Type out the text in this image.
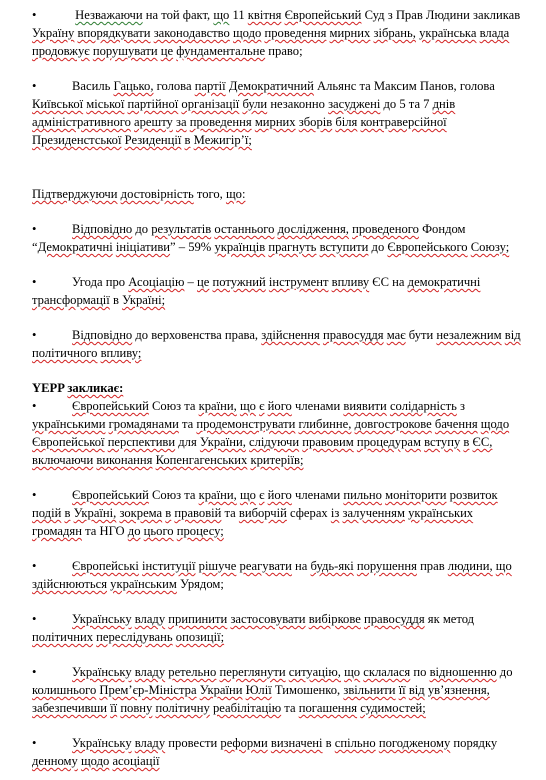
•	Незважаючи на той факт, що 11 квітня Європейський Суд з Прав Людини закликав Україну впорядкувати законодавство щодо проведення мирних зібрань, українська влада продовжує порушувати це фундаментальне право;

•	Василь Гацько, голова партії Демократичний Альянс та Максим Панов, голова Київської міської партійної організації були незаконно засуджені до 5 та 7 днів адміністративного арешту за проведення мирних зборів біля контраверсійної Президенстської Резиденції в Межигір’ї;

Підтверджуючи достовірність того, що:

•	Відповідно до результатів останнього дослідження, проведеного Фондом “Демократичні ініціативи” – 59% українців прагнуть вступити до Європейського Союзу;

•	Угода про Асоціацію – це потужний інструмент впливу ЄС на демократичні трансформації в Україні;

•	Відповідно до верховенства права, здійснення правосуддя має бути незалежним від політичного впливу;

YEPP закликає:

•	Європейський Союз та країни, що є його членами виявити солідарність з українськими громадянами та продемонструвати глибинне, довгострокове бачення щодо Європейської перспективи для України, слідуючи правовим процедурам вступу в ЄС, включаючи виконання Копенгагенських критеріїв;

•	Європейський Союз та країни, що є його членами пильно моніторити розвиток подій в Україні, зокрема в правовій та виборчій сферах із залученням українських громадян та НГО до цього процесу;

•	Європейські інституції рішуче реагувати на будь-які порушення прав людини, що здійснюються українським Урядом;

•	Українську владу припинити застосовувати вибіркове правосуддя як метод політичних переслідувань опозиції;

•	Українську владу ретельно переглянути ситуацію, що склалася по відношенню до колишнього Прем’єр-Міністра України Юлії Тимошенко, звільнити її від ув’язнення, забезпечивши її повну політичну реабілітацію та погашення судимостей;

•	Українську владу провести реформи визначені в спільно погодженому порядку денному щодо асоціації
